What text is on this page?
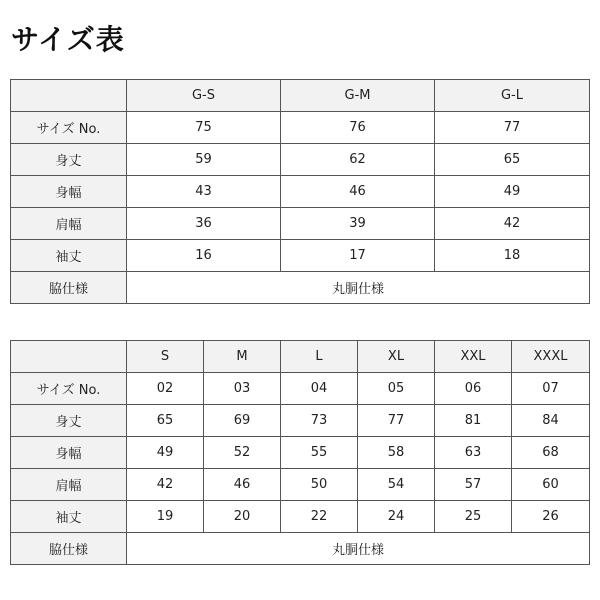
サイズ表
	G-S	G-M	G-L
サイズ No.	75	76	77
身丈	59	62	65
身幅	43	46	49
肩幅	36	39	42
袖丈	16	17	18
脇仕様	丸胴仕様		
	S	M	L	XL	XXL	XXXL
サイズ No.	02	03	04	05	06	07
身丈	65	69	73	77	81	84
身幅	49	52	55	58	63	68
肩幅	42	46	50	54	57	60
袖丈	19	20	22	24	25	26
脇仕様	丸胴仕様					
